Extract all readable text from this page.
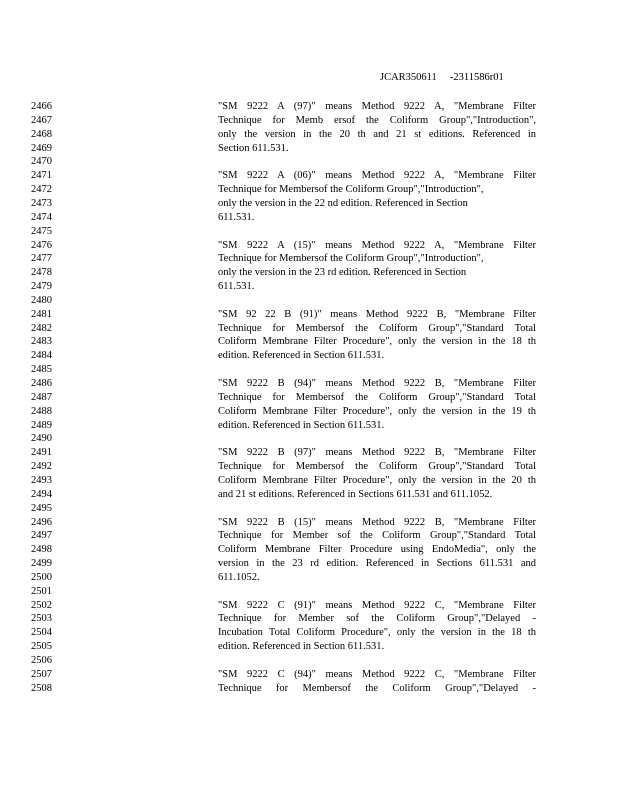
JCAR350611     -2311586r01
2466	"SM 9222 A (97)" means Method 9222 A, "Membrane Filter
2467	Technique for Memb ersof the Coliform Group","Introduction",
2468	only the version in the 20 th and 21 st editions. Referenced in
2469	Section 611.531.
2470
2471	"SM 9222 A (06)" means Method 9222 A, "Membrane Filter
2472	Technique for Membersof the Coliform Group","Introduction",
2473	only the version in the 22 nd edition. Referenced in Section
2474	611.531.
2475
2476	"SM 9222 A (15)" means Method 9222 A, "Membrane Filter
2477	Technique for Membersof the Coliform Group","Introduction",
2478	only the version in the 23 rd edition. Referenced in Section
2479	611.531.
2480
2481	"SM 92 22 B (91)" means Method 9222 B, "Membrane Filter
2482	Technique for Membersof the Coliform Group","Standard Total
2483	Coliform Membrane Filter Procedure", only the version in the 18 th
2484	edition. Referenced in Section 611.531.
2485
2486	"SM 9222 B (94)" means Method 9222 B, "Membrane Filter
2487	Technique for Membersof the Coliform Group","Standard Total
2488	Coliform Membrane Filter Procedure", only the version in the 19 th
2489	edition. Referenced in Section 611.531.
2490
2491	"SM 9222 B (97)" means Method 9222 B, "Membrane Filter
2492	Technique for Membersof the Coliform Group","Standard Total
2493	Coliform Membrane Filter Procedure", only the version in the 20 th
2494	and 21 st editions. Referenced in Sections 611.531 and 611.1052.
2495
2496	"SM 9222 B (15)" means Method 9222 B, "Membrane Filter
2497	Technique for Member sof the Coliform Group","Standard Total
2498	Coliform Membrane Filter Procedure using EndoMedia", only the
2499	version in the 23 rd edition. Referenced in Sections 611.531 and
2500	611.1052.
2501
2502	"SM 9222 C (91)" means Method 9222 C, "Membrane Filter
2503	Technique for Member sof the Coliform Group","Delayed -
2504	Incubation Total Coliform Procedure", only the version in the 18 th
2505	edition. Referenced in Section 611.531.
2506
2507	"SM 9222 C (94)" means Method 9222 C, "Membrane Filter
2508	Technique for Membersof the Coliform Group","Delayed -
